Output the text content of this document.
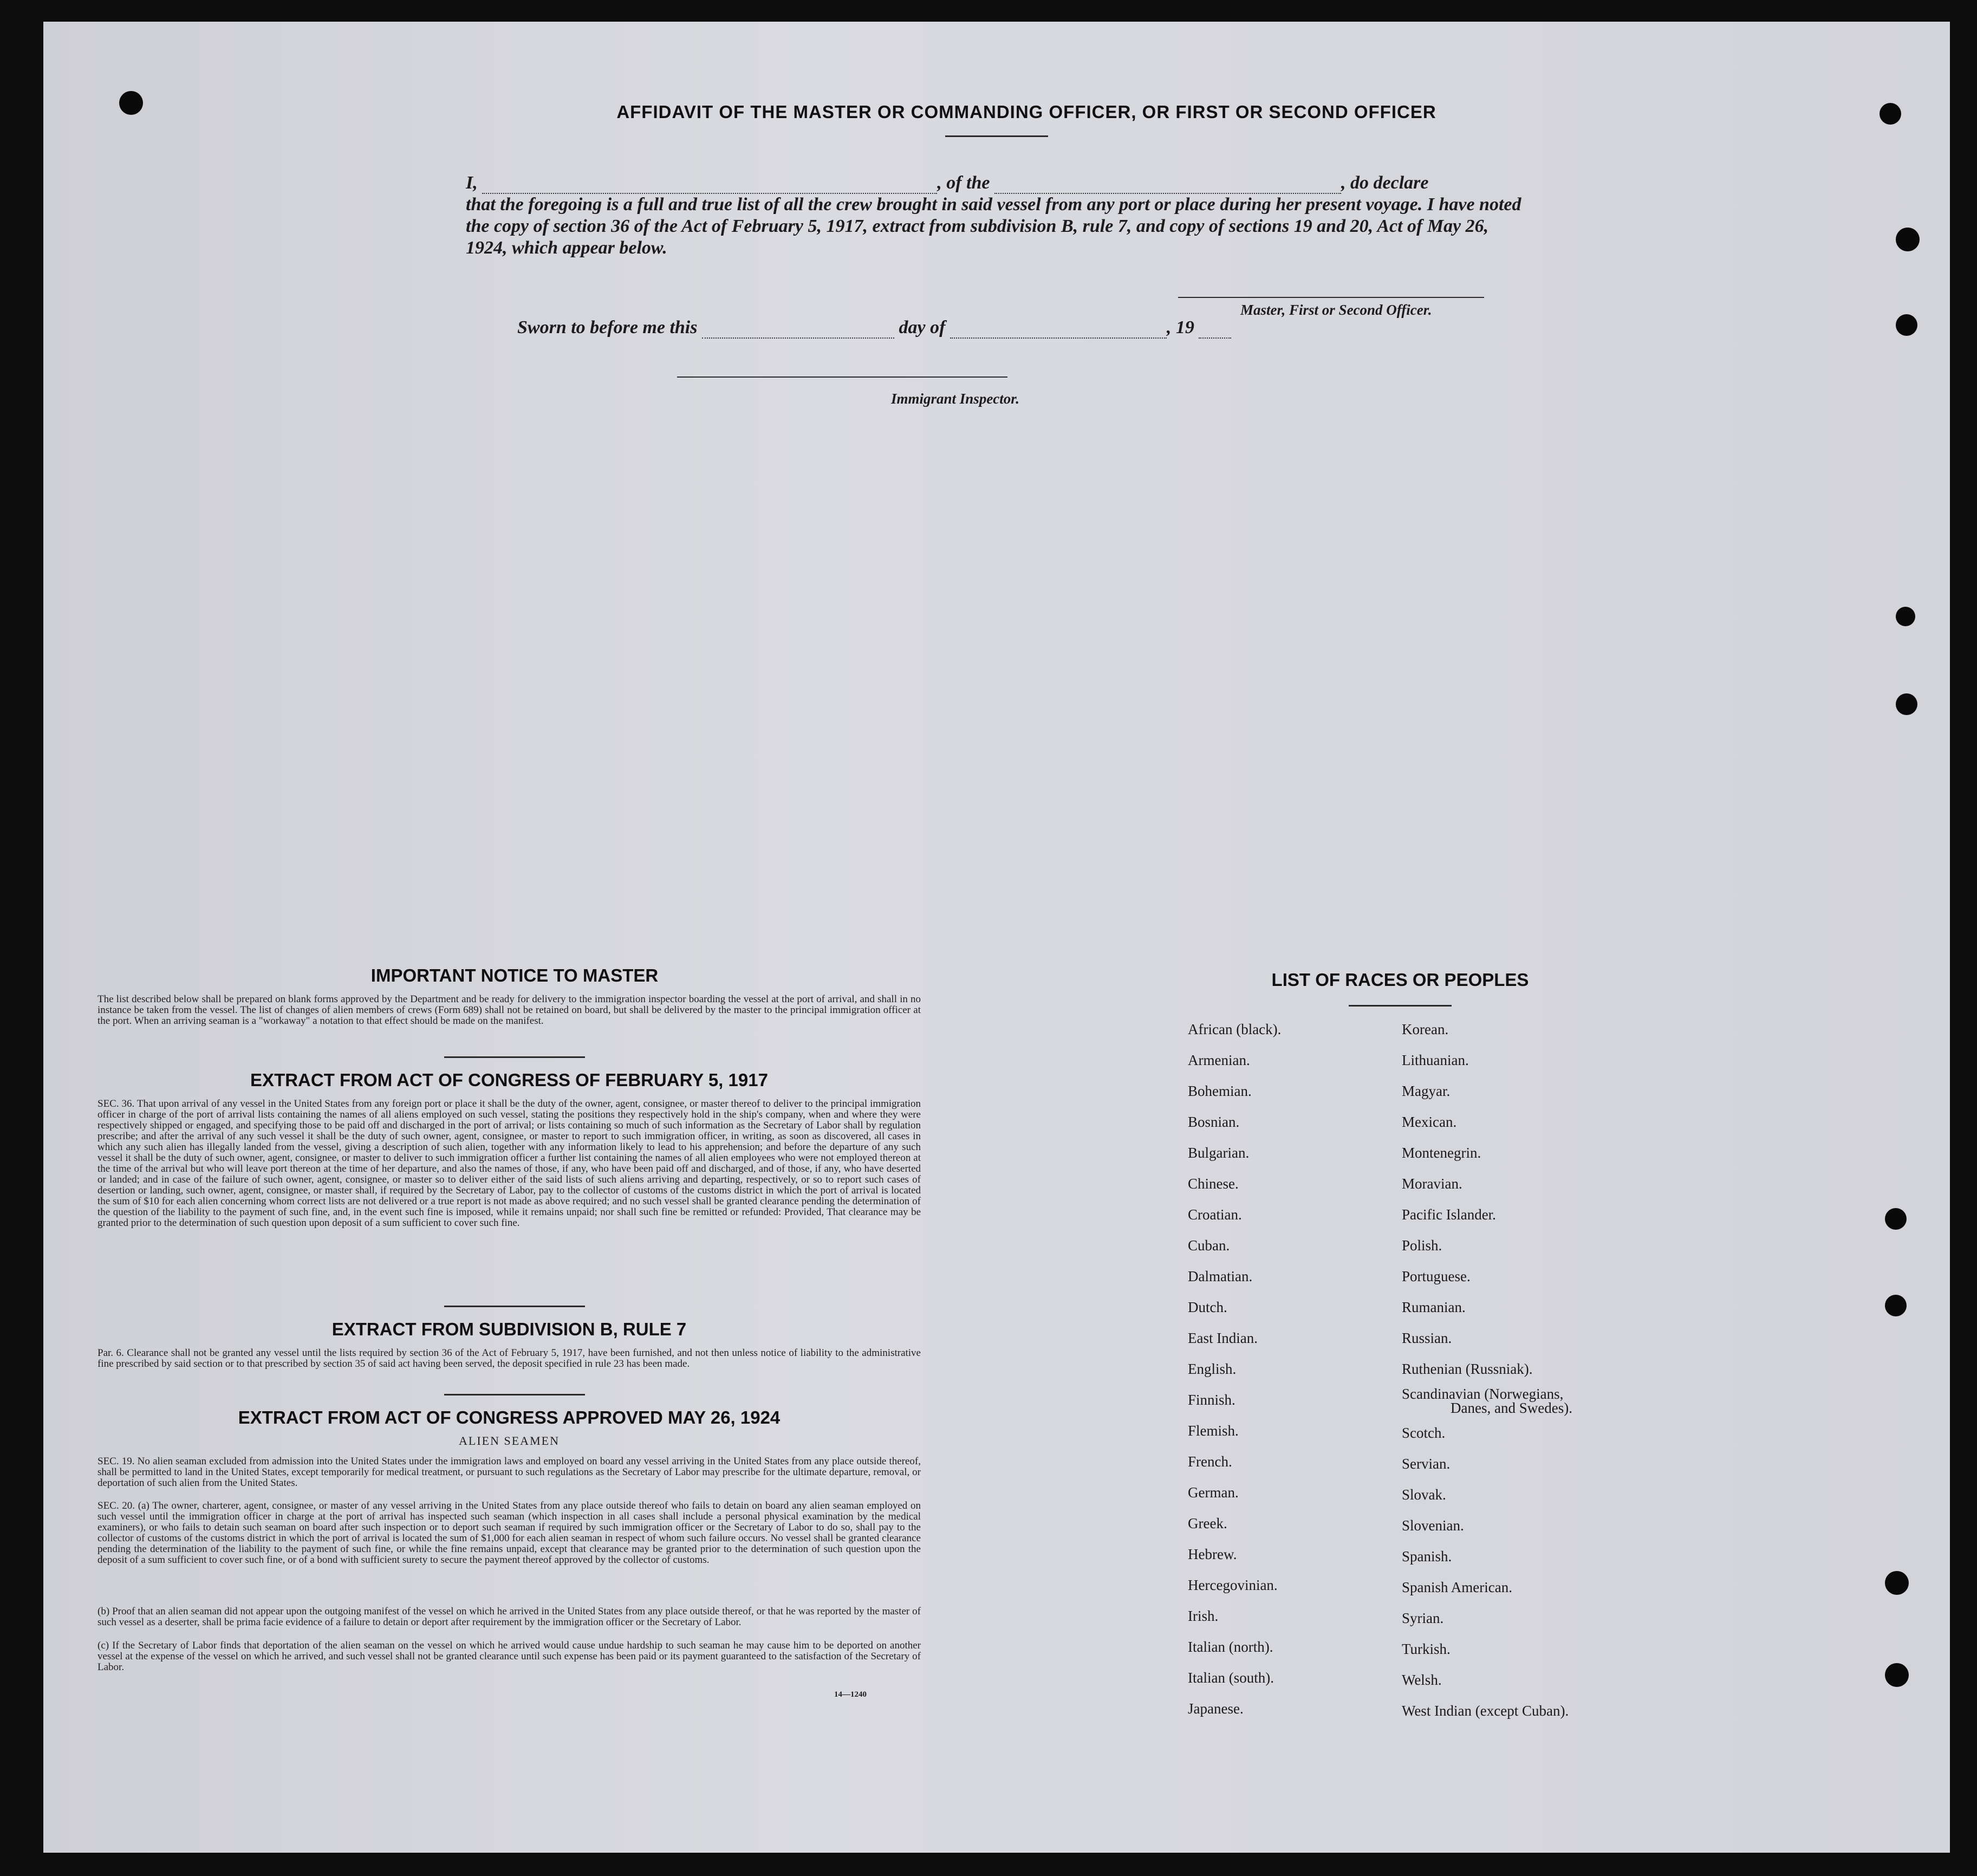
AFFIDAVIT OF THE MASTER OR COMMANDING OFFICER, OR FIRST OR SECOND OFFICER
I,	, of the	, do declare
that the foregoing is a full and true list of all the crew brought in said vessel from any port or place during her present voyage. I have noted the copy of section 36 of the Act of February 5, 1917, extract from subdivision B, rule 7, and copy of sections 19 and 20, Act of May 26, 1924, which appear below.
Master, First or Second Officer.
Sworn to before me this	day of	, 19
Immigrant Inspector.
IMPORTANT NOTICE TO MASTER
The list described below shall be prepared on blank forms approved by the Department and be ready for delivery to the immigration inspector boarding the vessel at the port of arrival, and shall in no instance be taken from the vessel. The list of changes of alien members of crews (Form 689) shall not be retained on board, but shall be delivered by the master to the principal immigration officer at the port. When an arriving seaman is a "workaway" a notation to that effect should be made on the manifest.
EXTRACT FROM ACT OF CONGRESS OF FEBRUARY 5, 1917
SEC. 36. That upon arrival of any vessel in the United States from any foreign port or place it shall be the duty of the owner, agent, consignee, or master thereof to deliver to the principal immigration officer in charge of the port of arrival lists containing the names of all aliens employed on such vessel, stating the positions they respectively hold in the ship's company, when and where they were respectively shipped or engaged, and specifying those to be paid off and discharged in the port of arrival; or lists containing so much of such information as the Secretary of Labor shall by regulation prescribe; and after the arrival of any such vessel it shall be the duty of such owner, agent, consignee, or master to report to such immigration officer, in writing, as soon as discovered, all cases in which any such alien has illegally landed from the vessel, giving a description of such alien, together with any information likely to lead to his apprehension; and before the departure of any such vessel it shall be the duty of such owner, agent, consignee, or master to deliver to such immigration officer a further list containing the names of all alien employees who were not employed thereon at the time of the arrival but who will leave port thereon at the time of her departure, and also the names of those, if any, who have been paid off and discharged, and of those, if any, who have deserted or landed; and in case of the failure of such owner, agent, consignee, or master so to deliver either of the said lists of such aliens arriving and departing, respectively, or so to report such cases of desertion or landing, such owner, agent, consignee, or master shall, if required by the Secretary of Labor, pay to the collector of customs of the customs district in which the port of arrival is located the sum of $10 for each alien concerning whom correct lists are not delivered or a true report is not made as above required; and no such vessel shall be granted clearance pending the determination of the question of the liability to the payment of such fine, and, in the event such fine is imposed, while it remains unpaid; nor shall such fine be remitted or refunded: Provided, That clearance may be granted prior to the determination of such question upon deposit of a sum sufficient to cover such fine.
EXTRACT FROM SUBDIVISION B, RULE 7
Par. 6. Clearance shall not be granted any vessel until the lists required by section 36 of the Act of February 5, 1917, have been furnished, and not then unless notice of liability to the administrative fine prescribed by said section or to that prescribed by section 35 of said act having been served, the deposit specified in rule 23 has been made.
EXTRACT FROM ACT OF CONGRESS APPROVED MAY 26, 1924
ALIEN SEAMEN
SEC. 19. No alien seaman excluded from admission into the United States under the immigration laws and employed on board any vessel arriving in the United States from any place outside thereof, shall be permitted to land in the United States, except temporarily for medical treatment, or pursuant to such regulations as the Secretary of Labor may prescribe for the ultimate departure, removal, or deportation of such alien from the United States.
SEC. 20. (a) The owner, charterer, agent, consignee, or master of any vessel arriving in the United States from any place outside thereof who fails to detain on board any alien seaman employed on such vessel until the immigration officer in charge at the port of arrival has inspected such seaman (which inspection in all cases shall include a personal physical examination by the medical examiners), or who fails to detain such seaman on board after such inspection or to deport such seaman if required by such immigration officer or the Secretary of Labor to do so, shall pay to the collector of customs of the customs district in which the port of arrival is located the sum of $1,000 for each alien seaman in respect of whom such failure occurs. No vessel shall be granted clearance pending the determination of the liability to the payment of such fine, or while the fine remains unpaid, except that clearance may be granted prior to the determination of such question upon the deposit of a sum sufficient to cover such fine, or of a bond with sufficient surety to secure the payment thereof approved by the collector of customs.
(b) Proof that an alien seaman did not appear upon the outgoing manifest of the vessel on which he arrived in the United States from any place outside thereof, or that he was reported by the master of such vessel as a deserter, shall be prima facie evidence of a failure to detain or deport after requirement by the immigration officer or the Secretary of Labor.
(c) If the Secretary of Labor finds that deportation of the alien seaman on the vessel on which he arrived would cause undue hardship to such seaman he may cause him to be deported on another vessel at the expense of the vessel on which he arrived, and such vessel shall not be granted clearance until such expense has been paid or its payment guaranteed to the satisfaction of the Secretary of Labor.
14—1240
LIST OF RACES OR PEOPLES
African (black).
Armenian.
Bohemian.
Bosnian.
Bulgarian.
Chinese.
Croatian.
Cuban.
Dalmatian.
Dutch.
East Indian.
English.
Finnish.
Flemish.
French.
German.
Greek.
Hebrew.
Hercegovinian.
Irish.
Italian (north).
Italian (south).
Japanese.
Korean.
Lithuanian.
Magyar.
Mexican.
Montenegrin.
Moravian.
Pacific Islander.
Polish.
Portuguese.
Rumanian.
Russian.
Ruthenian (Russniak).
Scandinavian (Norwegians,
Danes, and Swedes).
Scotch.
Servian.
Slovak.
Slovenian.
Spanish.
Spanish American.
Syrian.
Turkish.
Welsh.
West Indian (except Cuban).
